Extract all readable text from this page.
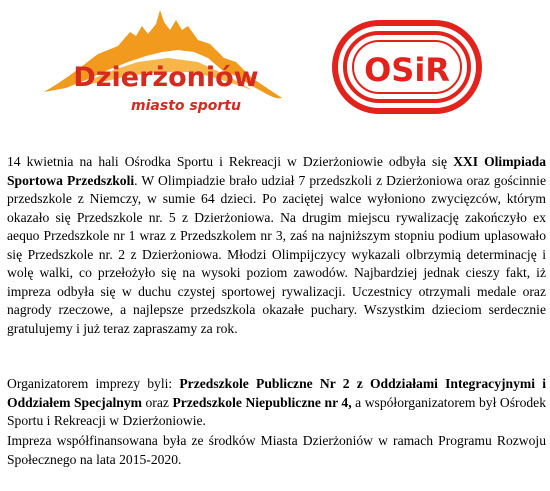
Dzierżoniów
miasto sportu
OSiR

14 kwietnia na hali Ośrodka Sportu i Rekreacji w Dzierżoniowie odbyła się XXI Olimpiada Sportowa Przedszkoli. W Olimpiadzie brało udział 7 przedszkoli z Dzierżoniowa oraz gościnnie przedszkole z Niemczy, w sumie 64 dzieci. Po zaciętej walce wyłoniono zwycięzców, którym okazało się Przedszkole nr. 5 z Dzierżoniowa. Na drugim miejscu rywalizację zakończyło ex aequo Przedszkole nr 1 wraz z Przedszkolem nr 3, zaś na najniższym stopniu podium uplasowało się Przedszkole nr. 2 z Dzierżoniowa. Młodzi Olimpijczycy wykazali olbrzymią determinację i wolę walki, co przełożyło się na wysoki poziom zawodów. Najbardziej jednak cieszy fakt, iż impreza odbyła się w duchu czystej sportowej rywalizacji. Uczestnicy otrzymali medale oraz nagrody rzeczowe, a najlepsze przedszkola okazałe puchary. Wszystkim dzieciom serdecznie gratulujemy i już teraz zapraszamy za rok.

Organizatorem imprezy byli: Przedszkole Publiczne Nr 2 z Oddziałami Integracyjnymi i Oddziałem Specjalnym oraz Przedszkole Niepubliczne nr 4, a współorganizatorem był Ośrodek Sportu i Rekreacji w Dzierżoniowie.

Impreza współfinansowana była ze środków Miasta Dzierżoniów w ramach Programu Rozwoju Społecznego na lata 2015-2020.
